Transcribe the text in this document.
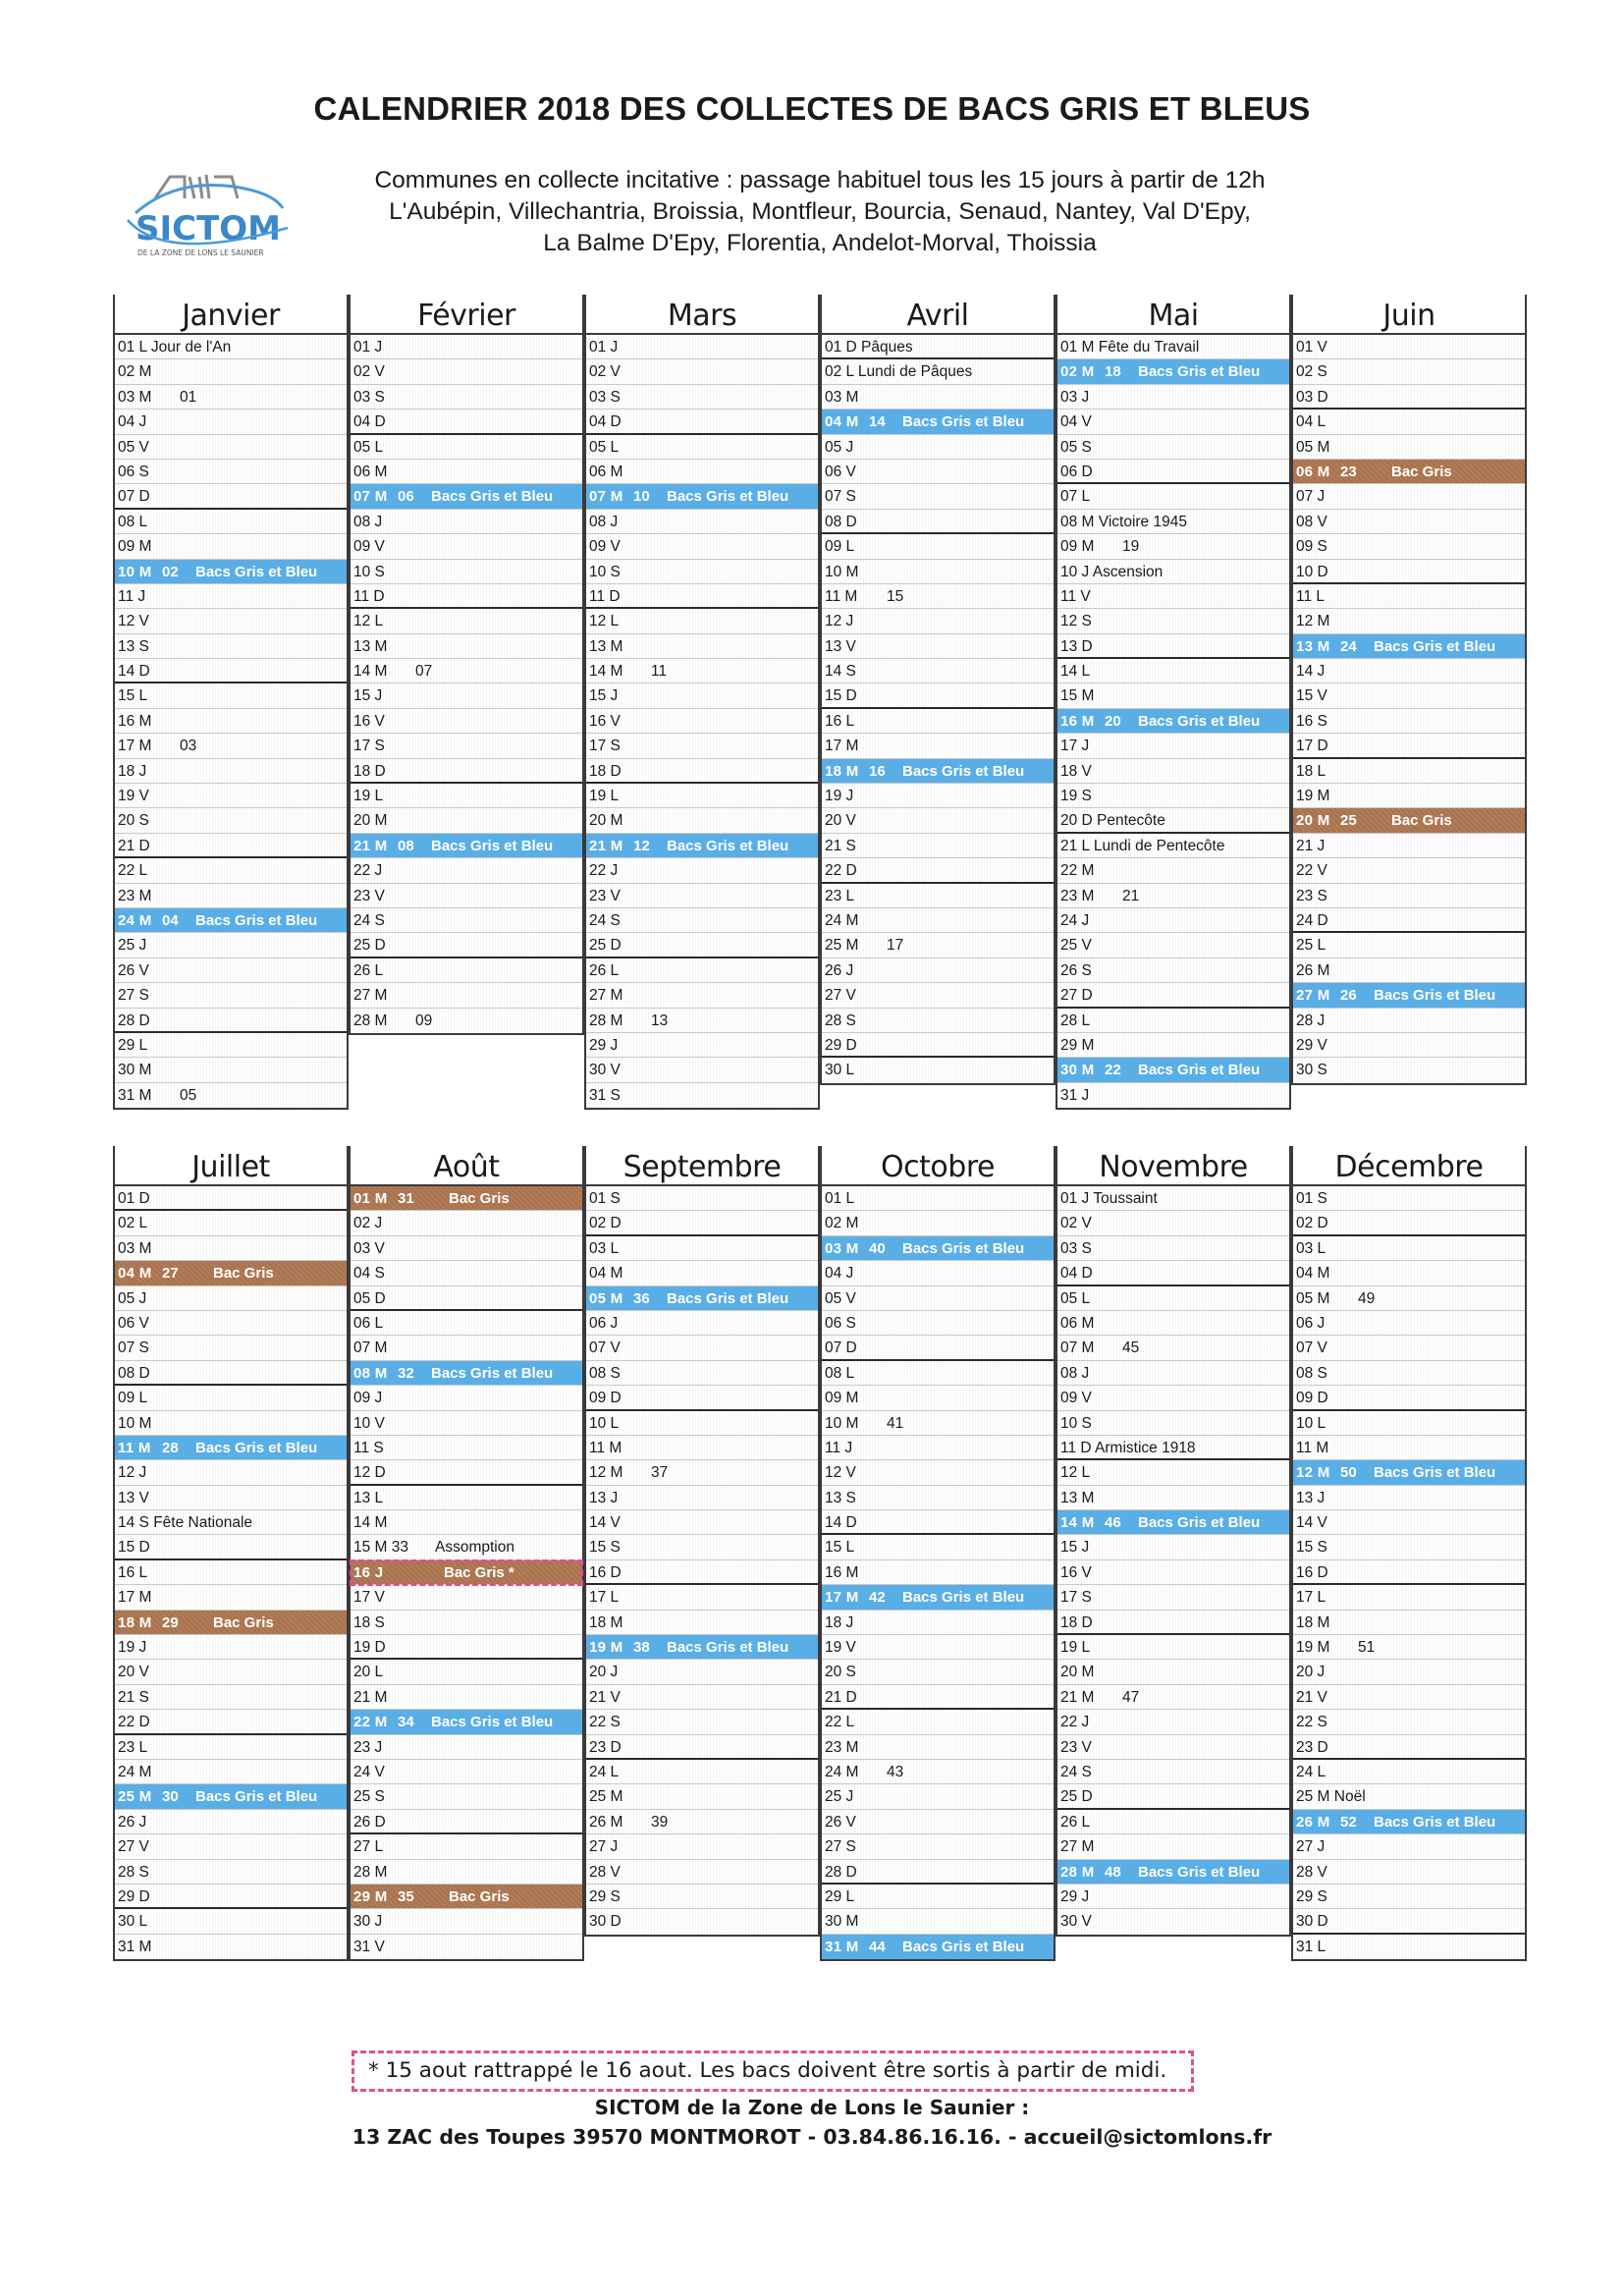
CALENDRIER 2018 DES COLLECTES DE BACS GRIS ET BLEUS
SICTOM
DE LA ZONE DE LONS LE SAUNIER
Communes en collecte incitative : passage habituel tous les 15 jours à partir de 12h
L'Aubépin, Villechantria, Broissia, Montfleur, Bourcia, Senaud, Nantey, Val D'Epy,
La Balme D'Epy, Florentia, Andelot-Morval, Thoissia
Janvier
01 L Jour de l'An
02 M
03 M 01
04 J
05 V
06 S
07 D
08 L
09 M
10 M 02 Bacs Gris et Bleu
11 J
12 V
13 S
14 D
15 L
16 M
17 M 03
18 J
19 V
20 S
21 D
22 L
23 M
24 M 04 Bacs Gris et Bleu
25 J
26 V
27 S
28 D
29 L
30 M
31 M 05
Février
01 J
02 V
03 S
04 D
05 L
06 M
07 M 06 Bacs Gris et Bleu
08 J
09 V
10 S
11 D
12 L
13 M
14 M 07
15 J
16 V
17 S
18 D
19 L
20 M
21 M 08 Bacs Gris et Bleu
22 J
23 V
24 S
25 D
26 L
27 M
28 M 09
Mars
01 J
02 V
03 S
04 D
05 L
06 M
07 M 10 Bacs Gris et Bleu
08 J
09 V
10 S
11 D
12 L
13 M
14 M 11
15 J
16 V
17 S
18 D
19 L
20 M
21 M 12 Bacs Gris et Bleu
22 J
23 V
24 S
25 D
26 L
27 M
28 M 13
29 J
30 V
31 S
Avril
01 D Pâques
02 L Lundi de Pâques
03 M
04 M 14 Bacs Gris et Bleu
05 J
06 V
07 S
08 D
09 L
10 M
11 M 15
12 J
13 V
14 S
15 D
16 L
17 M
18 M 16 Bacs Gris et Bleu
19 J
20 V
21 S
22 D
23 L
24 M
25 M 17
26 J
27 V
28 S
29 D
30 L
Mai
01 M Fête du Travail
02 M 18 Bacs Gris et Bleu
03 J
04 V
05 S
06 D
07 L
08 M Victoire 1945
09 M 19
10 J Ascension
11 V
12 S
13 D
14 L
15 M
16 M 20 Bacs Gris et Bleu
17 J
18 V
19 S
20 D Pentecôte
21 L Lundi de Pentecôte
22 M
23 M 21
24 J
25 V
26 S
27 D
28 L
29 M
30 M 22 Bacs Gris et Bleu
31 J
Juin
01 V
02 S
03 D
04 L
05 M
06 M 23 Bac Gris
07 J
08 V
09 S
10 D
11 L
12 M
13 M 24 Bacs Gris et Bleu
14 J
15 V
16 S
17 D
18 L
19 M
20 M 25 Bac Gris
21 J
22 V
23 S
24 D
25 L
26 M
27 M 26 Bacs Gris et Bleu
28 J
29 V
30 S
Juillet
01 D
02 L
03 M
04 M 27 Bac Gris
05 J
06 V
07 S
08 D
09 L
10 M
11 M 28 Bacs Gris et Bleu
12 J
13 V
14 S Fête Nationale
15 D
16 L
17 M
18 M 29 Bac Gris
19 J
20 V
21 S
22 D
23 L
24 M
25 M 30 Bacs Gris et Bleu
26 J
27 V
28 S
29 D
30 L
31 M
Août
01 M 31 Bac Gris
02 J
03 V
04 S
05 D
06 L
07 M
08 M 32 Bacs Gris et Bleu
09 J
10 V
11 S
12 D
13 L
14 M
15 M 33 Assomption
16 J	Bac Gris *
17 V
18 S
19 D
20 L
21 M
22 M 34 Bacs Gris et Bleu
23 J
24 V
25 S
26 D
27 L
28 M
29 M 35 Bac Gris
30 J
31 V
Septembre
01 S
02 D
03 L
04 M
05 M 36 Bacs Gris et Bleu
06 J
07 V
08 S
09 D
10 L
11 M
12 M 37
13 J
14 V
15 S
16 D
17 L
18 M
19 M 38 Bacs Gris et Bleu
20 J
21 V
22 S
23 D
24 L
25 M
26 M 39
27 J
28 V
29 S
30 D
Octobre
01 L
02 M
03 M 40 Bacs Gris et Bleu
04 J
05 V
06 S
07 D
08 L
09 M
10 M 41
11 J
12 V
13 S
14 D
15 L
16 M
17 M 42 Bacs Gris et Bleu
18 J
19 V
20 S
21 D
22 L
23 M
24 M 43
25 J
26 V
27 S
28 D
29 L
30 M
31 M 44 Bacs Gris et Bleu
Novembre
01 J Toussaint
02 V
03 S
04 D
05 L
06 M
07 M 45
08 J
09 V
10 S
11 D Armistice 1918
12 L
13 M
14 M 46 Bacs Gris et Bleu
15 J
16 V
17 S
18 D
19 L
20 M
21 M 47
22 J
23 V
24 S
25 D
26 L
27 M
28 M 48 Bacs Gris et Bleu
29 J
30 V
Décembre
01 S
02 D
03 L
04 M
05 M 49
06 J
07 V
08 S
09 D
10 L
11 M
12 M 50 Bacs Gris et Bleu
13 J
14 V
15 S
16 D
17 L
18 M
19 M 51
20 J
21 V
22 S
23 D
24 L
25 M Noël
26 M 52 Bacs Gris et Bleu
27 J
28 V
29 S
30 D
31 L
* 15 aout rattrappé le 16 aout. Les bacs doivent être sortis à partir de midi.
SICTOM de la Zone de Lons le Saunier :
13 ZAC des Toupes 39570 MONTMOROT - 03.84.86.16.16. - accueil@sictomlons.fr
